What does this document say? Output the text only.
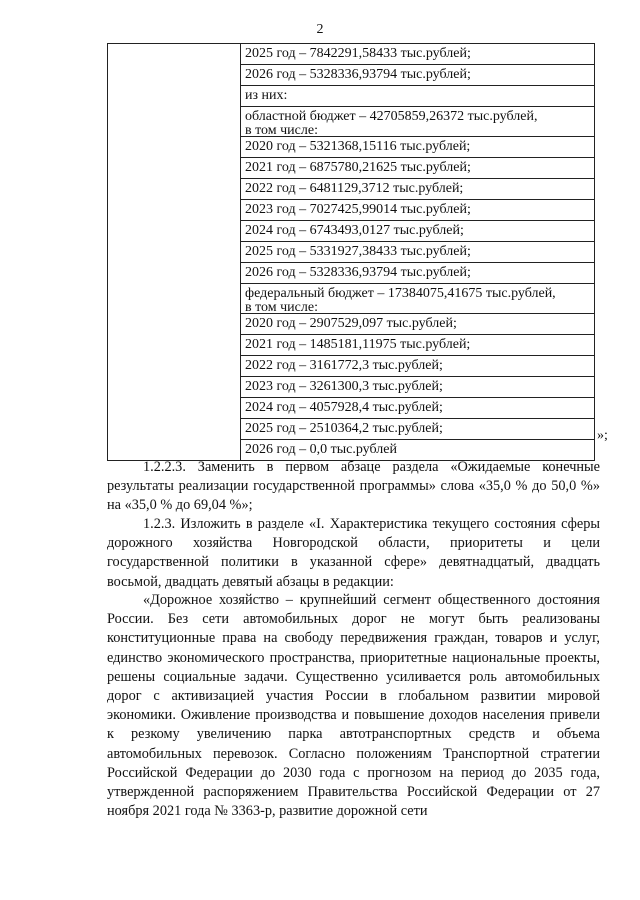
2

2025 год – 7842291,58433 тыс.рублей;
2026 год – 5328336,93794 тыс.рублей;
из них:
областной бюджет – 42705859,26372 тыс.рублей,
в том числе:
2020 год – 5321368,15116 тыс.рублей;
2021 год – 6875780,21625 тыс.рублей;
2022 год – 6481129,3712 тыс.рублей;
2023 год – 7027425,99014 тыс.рублей;
2024 год – 6743493,0127 тыс.рублей;
2025 год – 5331927,38433 тыс.рублей;
2026 год – 5328336,93794 тыс.рублей;
федеральный бюджет – 17384075,41675 тыс.рублей,
в том числе:
2020 год – 2907529,097 тыс.рублей;
2021 год – 1485181,11975 тыс.рублей;
2022 год – 3161772,3 тыс.рублей;
2023 год – 3261300,3 тыс.рублей;
2024 год – 4057928,4 тыс.рублей;
2025 год – 2510364,2 тыс.рублей;
2026 год – 0,0 тыс.рублей
»;

1.2.2.3. Заменить в первом абзаце раздела «Ожидаемые конечные результаты реализации государственной программы» слова «35,0 % до 50,0 %» на «35,0 % до 69,04 %»;

1.2.3. Изложить в разделе «I. Характеристика текущего состояния сферы дорожного хозяйства Новгородской области, приоритеты и цели государственной политики в указанной сфере» девятнадцатый, двадцать восьмой, двадцать девятый абзацы в редакции:

«Дорожное хозяйство – крупнейший сегмент общественного достояния России. Без сети автомобильных дорог не могут быть реализованы конституционные права на свободу передвижения граждан, товаров и услуг, единство экономического пространства, приоритетные национальные проекты, решены социальные задачи. Существенно усиливается роль автомобильных дорог с активизацией участия России в глобальном развитии мировой экономики. Оживление производства и повышение доходов населения привели к резкому увеличению парка автотранспортных средств и объема автомобильных перевозок. Согласно положениям Транспортной стратегии Российской Федерации до 2030 года с прогнозом на период до 2035 года, утвержденной распоряжением Правительства Российской Федерации от 27 ноября 2021 года № 3363-р, развитие дорожной сети
